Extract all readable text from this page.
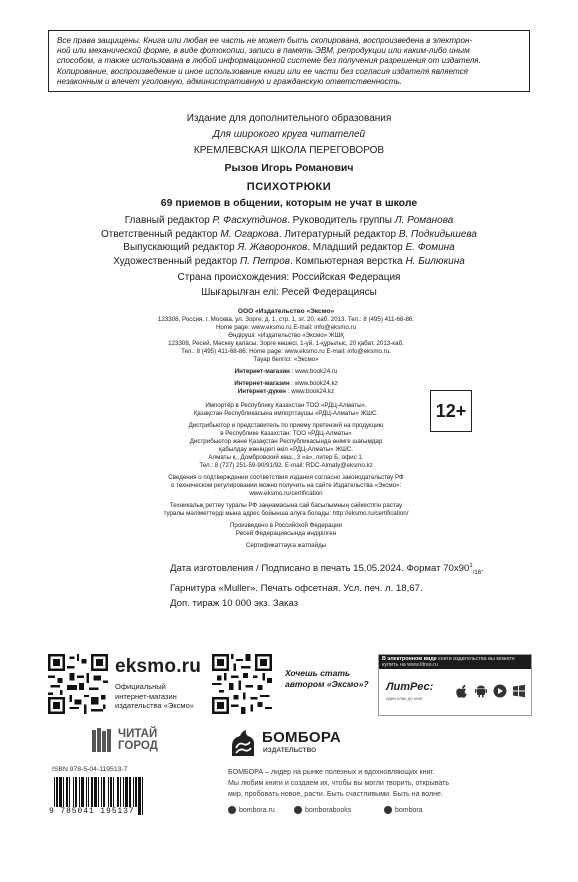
Все права защищены. Книга или любая ее часть не может быть скопирована, воспроизведена в электрон-
ной или механической форме, в виде фотокопии, записи в память ЭВМ, репродукции или каким-либо иным
способом, а также использована в любой информационной системе без получения разрешения от издателя.
Копирование, воспроизведение и иное использование книги или ее части без согласия издателя является
незаконным и влечет уголовную, административную и гражданскую ответственность.
Издание для дополнительного образования
Для широкого круга читателей
КРЕМЛЕВСКАЯ ШКОЛА ПЕРЕГОВОРОВ
Рызов Игорь Романович
ПСИХОТРЮКИ
69 приемов в общении, которым не учат в школе
Главный редактор Р. Фасхутдинов. Руководитель группы Л. Романова
Ответственный редактор М. Огаркова. Литературный редактор В. Подкидышева
Выпускающий редактор Я. Жаворонков. Младший редактор Е. Фомина
Художественный редактор П. Петров. Компьютерная верстка Н. Билюкина
Страна происхождения: Российская Федерация
Шығарылған елі: Ресей Федерациясы
ООО «Издательство «Эксмо»
123308, Россия, г. Москва, ул. Зорге, д. 1, стр. 1, эт. 20, каб. 2013. Тел.: 8 (495) 411-68-86.
Home page: www.eksmo.ru E-mail: info@eksmo.ru
Өндіруші: «Издательство «Эксмо» ЖШҚ
123308, Ресей, Мәскеу қаласы, Зорге көшесі, 1-үй, 1-құрылыс, 20 қабат, 2013-каб.
Тел.: 8 (495) 411-68-86. Home page: www.eksmo.ru E-mail: info@eksmo.ru.
Тауар белгісі: «Эксмо»
Интернет-магазин : www.book24.ru
Интернет-магазин : www.book24.kz
Интернет-дүкен : www.book24.kz
Импортёр в Республику Казахстан ТОО «РДЦ-Алматы».
Қазақстан Республикасына импорттаушы «РДЦ-Алматы» ЖШС.
Дистрибьютор и представитель по приему претензий на продукцию
в Республике Казахстан: ТОО «РДЦ-Алматы»
Дистрибьютор және Қазақстан Республикасында өнімге шағымдар
қабылдау жөніндегі өкіл «РДЦ-Алматы» ЖШС.
Алматы қ., Домбровский көш., 3 «а», литер Б, офис 1.
Тел.: 8 (727) 251-59-90/91/92. E-mail: RDC-Almaty@eksmo.kz
Сведения о подтверждении соответствия издания согласно законодательству РФ
о техническом регулировании можно получить на сайте Издательства «Эксмо»:
www.eksmo.ru/certification
Техникалық реттеу туралы РФ заңнамасына сай басылымның сәйкестігін растау
туралы мәліметтерді мына адрес бойынша алуға болады: http://eksmo.ru/certification/
Произведено в Российской Федерации
Ресей Федерациясында өндірілген
Сертификаттауға жатпайды
12+
Дата изготовления / Подписано в печать 15.05.2024. Формат $70х90^1_{/16}$.
Гарнитура «Muller». Печать офсетная. Усл. печ. л. 18,67.
Доп. тираж 10 000 экз. Заказ
eksmo.ru
Официальный
интернет-магазин
издательства «Эксмо»
Хочешь стать
автором «Эксмо»?
В электронном виде книги издательства вы можете купить на www.litres.ru
ЛитРес:
один клик до книг
ЧИТАЙ
ГОРОД
ISBN 978-5-04-119513-7
9 785041 195137
БОМБОРА
ИЗДАТЕЛЬСТВО
БОМБОРА – лидер на рынке полезных и вдохновляющих книг.
Мы любим книги и создаем их, чтобы вы могли творить, открывать
мир, пробовать новое, расти. Быть счастливыми. Быть на волне.
bombora.ru	bomborabooks	bombora
